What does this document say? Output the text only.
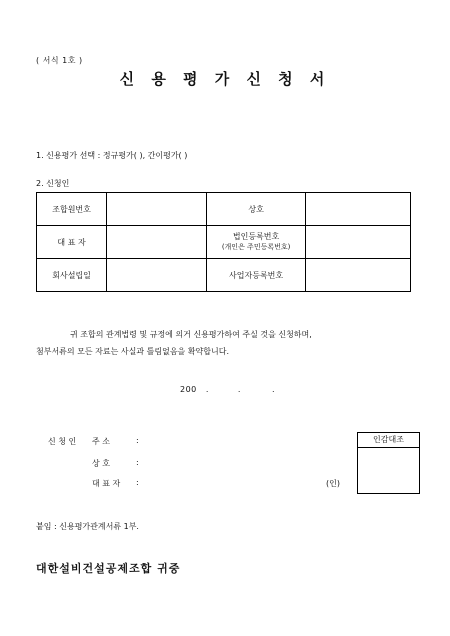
( 서식 1호 )
신 용 평 가 신 청 서
1. 신용평가 선택 : 정규평가( ), 간이평가( )
2. 신청인
조합원번호		상호	
대 표 자		법인등록번호
(개인은 주민등록번호)	

회사설립일		사업자등록번호	
귀 조합의 관계법령 및 규정에 의거 신용평가하여 주실 것을 신청하며,
첨부서류의 모든 자료는 사실과 틀림없음을 확약합니다.
200 .	.	.
신 청 인 주 소	:
상 호	:
대 표 자 :	(인)
인감대조
붙임 : 신용평가관계서류 1부.
대한설비건설공제조합 귀중
